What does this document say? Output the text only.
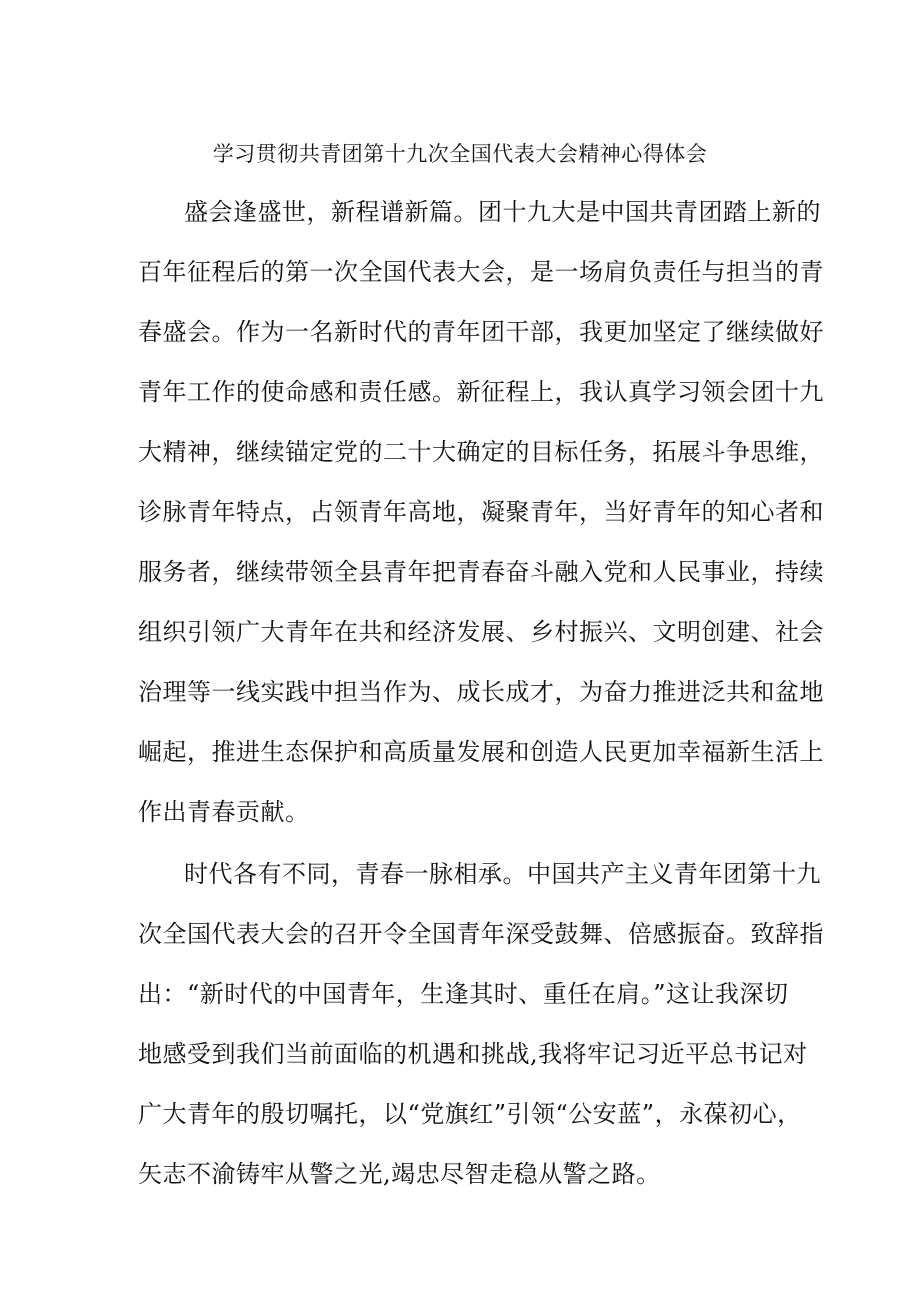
学习贯彻共青团第十九次全国代表大会精神心得体会
盛会逢盛世，新程谱新篇。团十九大是中国共青团踏上新的
百年征程后的第一次全国代表大会，是一场肩负责任与担当的青
春盛会。作为一名新时代的青年团干部，我更加坚定了继续做好
青年工作的使命感和责任感。新征程上，我认真学习领会团十九
大精神，继续锚定党的二十大确定的目标任务，拓展斗争思维，
诊脉青年特点，占领青年高地，凝聚青年，当好青年的知心者和
服务者，继续带领全县青年把青春奋斗融入党和人民事业，持续
组织引领广大青年在共和经济发展、乡村振兴、文明创建、社会
治理等一线实践中担当作为、成长成才，为奋力推进泛共和盆地
崛起，推进生态保护和高质量发展和创造人民更加幸福新生活上
作出青春贡献。
时代各有不同，青春一脉相承。中国共产主义青年团第十九
次全国代表大会的召开令全国青年深受鼓舞、倍感振奋。致辞指
出：“新时代的中国青年，生逢其时、重任在肩。”这让我深切
地感受到我们当前面临的机遇和挑战,我将牢记习近平总书记对
广大青年的殷切嘱托，以“党旗红”引领“公安蓝”，永葆初心，
矢志不渝铸牢从警之光,竭忠尽智走稳从警之路。
